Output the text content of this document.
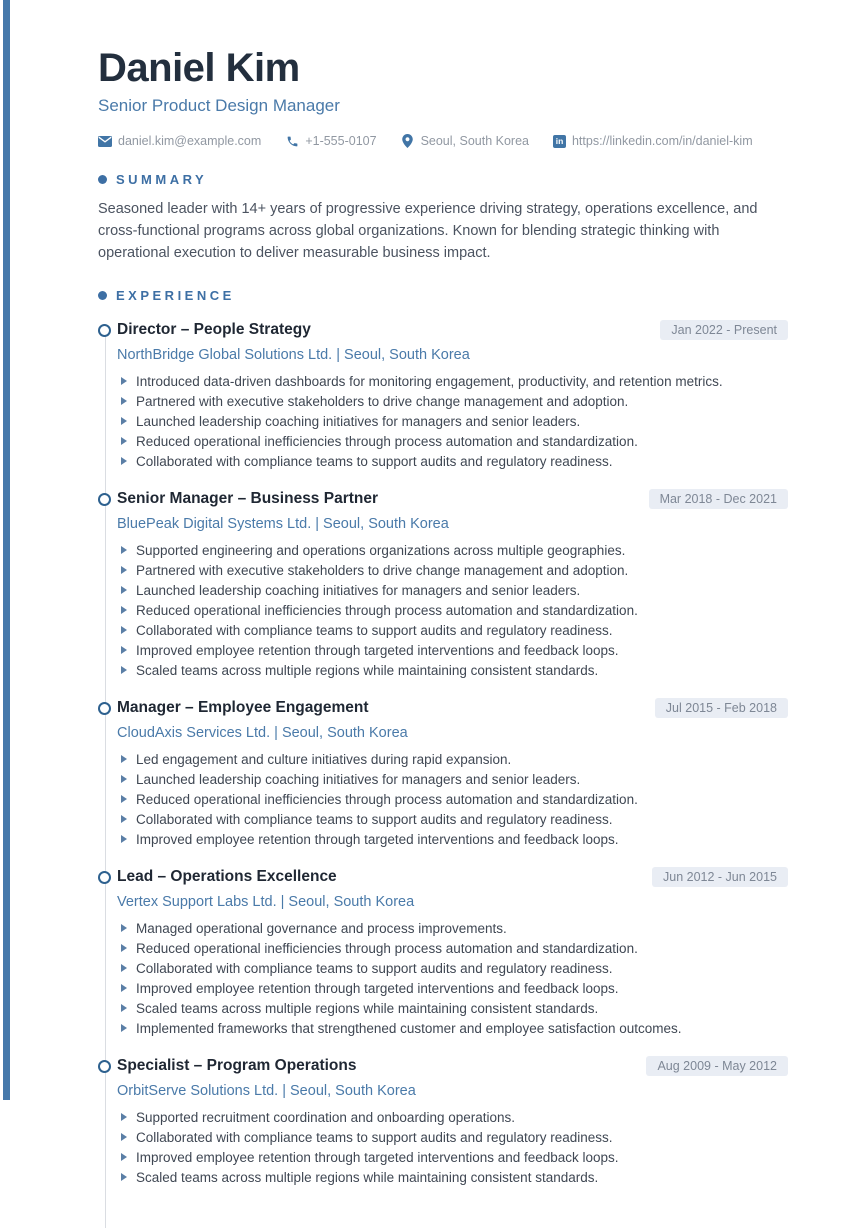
Daniel Kim
Senior Product Design Manager
daniel.kim@example.com	+1-555-0107	Seoul, South Korea	in https://linkedin.com/in/daniel-kim
SUMMARY

Seasoned leader with 14+ years of progressive experience driving strategy, operations excellence, and cross-functional programs across global organizations. Known for blending strategic thinking with operational execution to deliver measurable business impact.

EXPERIENCE
Director – People Strategy	Jan 2022 - Present
NorthBridge Global Solutions Ltd. | Seoul, South Korea
Introduced data-driven dashboards for monitoring engagement, productivity, and retention metrics.
Partnered with executive stakeholders to drive change management and adoption.
Launched leadership coaching initiatives for managers and senior leaders.
Reduced operational inefficiencies through process automation and standardization.
Collaborated with compliance teams to support audits and regulatory readiness.
Senior Manager – Business Partner	Mar 2018 - Dec 2021
BluePeak Digital Systems Ltd. | Seoul, South Korea
Supported engineering and operations organizations across multiple geographies.
Partnered with executive stakeholders to drive change management and adoption.
Launched leadership coaching initiatives for managers and senior leaders.
Reduced operational inefficiencies through process automation and standardization.
Collaborated with compliance teams to support audits and regulatory readiness.
Improved employee retention through targeted interventions and feedback loops.
Scaled teams across multiple regions while maintaining consistent standards.
Manager – Employee Engagement	Jul 2015 - Feb 2018
CloudAxis Services Ltd. | Seoul, South Korea
Led engagement and culture initiatives during rapid expansion.
Launched leadership coaching initiatives for managers and senior leaders.
Reduced operational inefficiencies through process automation and standardization.
Collaborated with compliance teams to support audits and regulatory readiness.
Improved employee retention through targeted interventions and feedback loops.
Lead – Operations Excellence	Jun 2012 - Jun 2015
Vertex Support Labs Ltd. | Seoul, South Korea
Managed operational governance and process improvements.
Reduced operational inefficiencies through process automation and standardization.
Collaborated with compliance teams to support audits and regulatory readiness.
Improved employee retention through targeted interventions and feedback loops.
Scaled teams across multiple regions while maintaining consistent standards.
Implemented frameworks that strengthened customer and employee satisfaction outcomes.
Specialist – Program Operations	Aug 2009 - May 2012
OrbitServe Solutions Ltd. | Seoul, South Korea
Supported recruitment coordination and onboarding operations.
Collaborated with compliance teams to support audits and regulatory readiness.
Improved employee retention through targeted interventions and feedback loops.
Scaled teams across multiple regions while maintaining consistent standards.
